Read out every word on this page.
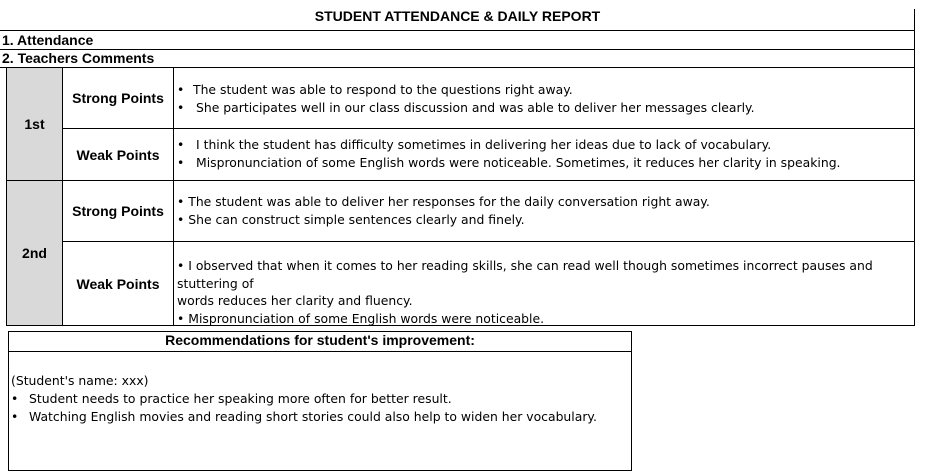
STUDENT ATTENDANCE & DAILY REPORT
1. Attendance
2. Teachers Comments
1st
2nd
Strong Points
Weak Points
Strong Points
Weak Points
• The student was able to respond to the questions right away.
• She participates well in our class discussion and was able to deliver her messages clearly.
• I think the student has difficulty sometimes in delivering her ideas due to lack of vocabulary.
• Mispronunciation of some English words were noticeable. Sometimes, it reduces her clarity in speaking.
• The student was able to deliver her responses for the daily conversation right away.
• She can construct simple sentences clearly and finely.
• I observed that when it comes to her reading skills, she can read well though sometimes incorrect pauses and stuttering of
words reduces her clarity and fluency.
• Mispronunciation of some English words were noticeable.
Recommendations for student's improvement:
(Student's name: xxx)
• Student needs to practice her speaking more often for better result.
• Watching English movies and reading short stories could also help to widen her vocabulary.
